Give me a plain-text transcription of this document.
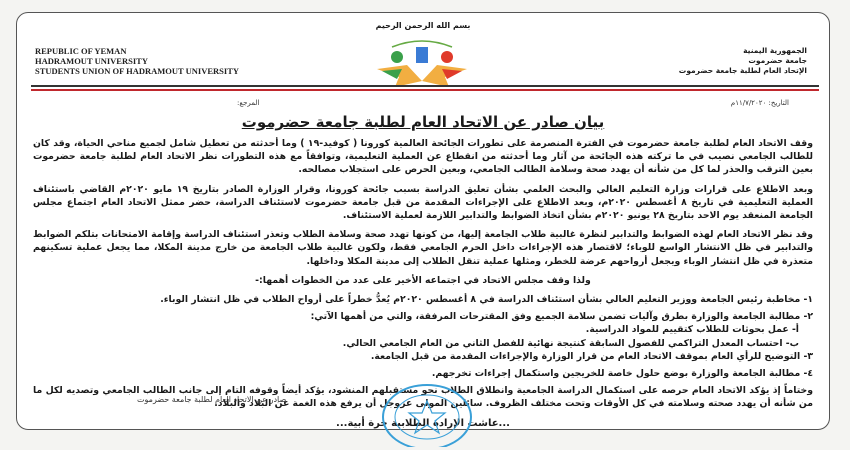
بسم الله الرحمن الرحيم
REPUBLIC OF YEMAN
HADRAMOUT UNIVERSITY
STUDENTS UNION OF HADRAMOUT UNIVERSITY
الجمهورية اليمنية
جامعة حضرموت
الإتحاد العام لطلبة جامعة حضرموت
التاريخ: ١١/٧/٢٠٢٠م
المرجع:
بيان صادر عن الاتحاد العام لطلبة جامعة حضرموت

وقف الاتحاد العام لطلبة جامعة حضرموت في الفترة المنصرمة على تطورات الجائحة العالمية كورونا ( كوفيد-١٩ ) وما أحدثته من تعطيل شامل لجميع مناحي الحياة، وقد كان للطالب الجامعي نصيب في ما تركته هذه الجائحة من آثار وما أحدثته من انقطاع عن العملية التعليمية، وتوافقاً مع هذه التطورات نظر الاتحاد العام لطلبة جامعة حضرموت بعين الترقب والحذر لما كل من شأنه أن يهدد صحة وسلامة الطالب الجامعي، وبعين الحرص على استجلاب مصالحه.

وبعد الاطلاع على قرارات وزارة التعليم العالي والبحث العلمي بشأن تعليق الدراسة بسبب جائحة كورونا، وقرار الوزارة الصادر بتاريخ ١٩ مايو ٢٠٢٠م القاضي باستئناف العملية التعليمية في تاريخ ٨ أغسطس ٢٠٢٠م، وبعد الاطلاع على الإجراءات المقدمة من قبل جامعة حضرموت لاستئناف الدراسة، حضر ممثل الاتحاد العام اجتماع مجلس الجامعة المنعقد يوم الاحد بتاريخ ٢٨ يونيو ٢٠٢٠م بشأن اتخاذ الضوابط والتدابير اللازمة لعملية الاستئناف.

وقد نظر الاتحاد العام لهذه الضوابط والتدابير لنظرة غالبية طلاب الجامعة إليها، من كونها تهدد صحة وسلامة الطلاب وتعذر استئناف الدراسة وإقامة الامتحانات بتلكم الضوابط والتدابير في ظل الانتشار الواسع للوباء؛ لاقتصار هذه الإجراءات داخل الحرم الجامعي فقط، ولكون غالبية طلاب الجامعة من خارج مدينة المكلا، مما يجعل عملية تسكينهم متعذرة في ظل انتشار الوباء ويجعل أرواحهم عرضة للخطر، ومثلها عملية تنقل الطلاب إلى مدينة المكلا وداخلها.

ولذا وقف مجلس الاتحاد في اجتماعه الأخير على عدد من الخطوات أهمها:-

١- مخاطبة رئيس الجامعة ووزير التعليم العالي بشأن استئناف الدراسة في ٨ أغسطس ٢٠٢٠م يُعدُّ خطراً على أرواح الطلاب في ظل انتشار الوباء.

٢- مطالبة الجامعة والوزارة بطرق وآليات تضمن سلامة الجميع وفق المقترحات المرفقة، والتي من أهمها الآتي:

أ- عمل بحوثات للطلاب كتقييم للمواد الدراسية.

ب- احتساب المعدل التراكمي للفصول السابقة كنتيجة نهائية للفصل الثاني من العام الجامعي الحالي.

٣- التوضيح للرأي العام بموقف الاتحاد العام من قرار الوزارة والإجراءات المقدمة من قبل الجامعة.

٤- مطالبة الجامعة والوزارة بوضع حلول خاصة للخريجين واستكمال إجراءات تخرجهم.

وختاماً إذ يؤكد الاتحاد العام حرصه على استكمال الدراسة الجامعية وانطلاق الطلاب نحو مستقبلهم المنشود، يؤكد أيضاً وقوفه التام إلى جانب الطالب الجامعي وتصديه لكل ما من شأنه أن يهدد صحته وسلامته في كل الأوقات وتحت مختلف الظروف. سائلين المولى عزوجل أن يرفع هذه الغمة عن البلاد والبلاد.

...عاشت الإرادة الطلابية حرة أبية...
صادر عن الاتحاد العام لطلبة جامعة حضرموت
